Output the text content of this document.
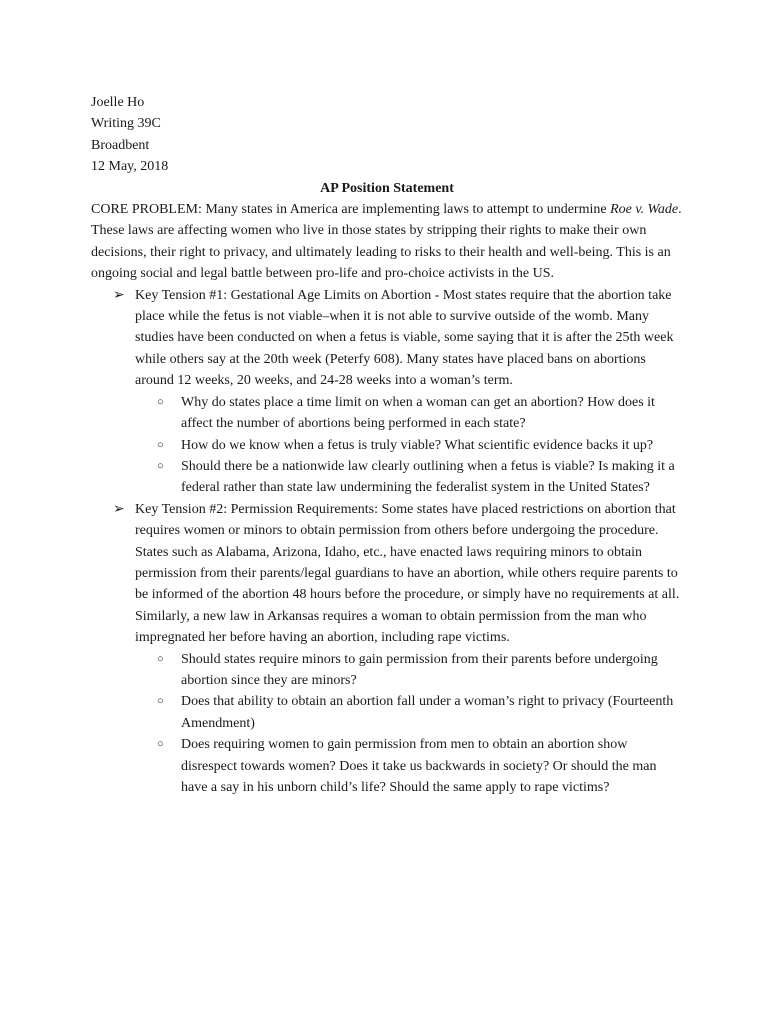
Joelle Ho
Writing 39C
Broadbent
12 May, 2018
AP Position Statement

CORE PROBLEM: Many states in America are implementing laws to attempt to undermine Roe v. Wade. These laws are affecting women who live in those states by stripping their rights to make their own decisions, their right to privacy, and ultimately leading to risks to their health and well-being. This is an ongoing social and legal battle between pro-life and pro-choice activists in the US.

➢ Key Tension #1: Gestational Age Limits on Abortion - Most states require that the abortion take place while the fetus is not viable–when it is not able to survive outside of the womb. Many studies have been conducted on when a fetus is viable, some saying that it is after the 25th week while others say at the 20th week (Peterfy 608). Many states have placed bans on abortions around 12 weeks, 20 weeks, and 24-28 weeks into a woman’s term.
○ Why do states place a time limit on when a woman can get an abortion? How does it affect the number of abortions being performed in each state?
○ How do we know when a fetus is truly viable? What scientific evidence backs it up?
○ Should there be a nationwide law clearly outlining when a fetus is viable? Is making it a federal rather than state law undermining the federalist system in the United States?
➢ Key Tension #2: Permission Requirements: Some states have placed restrictions on abortion that requires women or minors to obtain permission from others before undergoing the procedure. States such as Alabama, Arizona, Idaho, etc., have enacted laws requiring minors to obtain permission from their parents/legal guardians to have an abortion, while others require parents to be informed of the abortion 48 hours before the procedure, or simply have no requirements at all. Similarly, a new law in Arkansas requires a woman to obtain permission from the man who impregnated her before having an abortion, including rape victims.
○ Should states require minors to gain permission from their parents before undergoing abortion since they are minors?
○ Does that ability to obtain an abortion fall under a woman’s right to privacy (Fourteenth Amendment)
○ Does requiring women to gain permission from men to obtain an abortion show disrespect towards women? Does it take us backwards in society? Or should the man have a say in his unborn child’s life? Should the same apply to rape victims?
